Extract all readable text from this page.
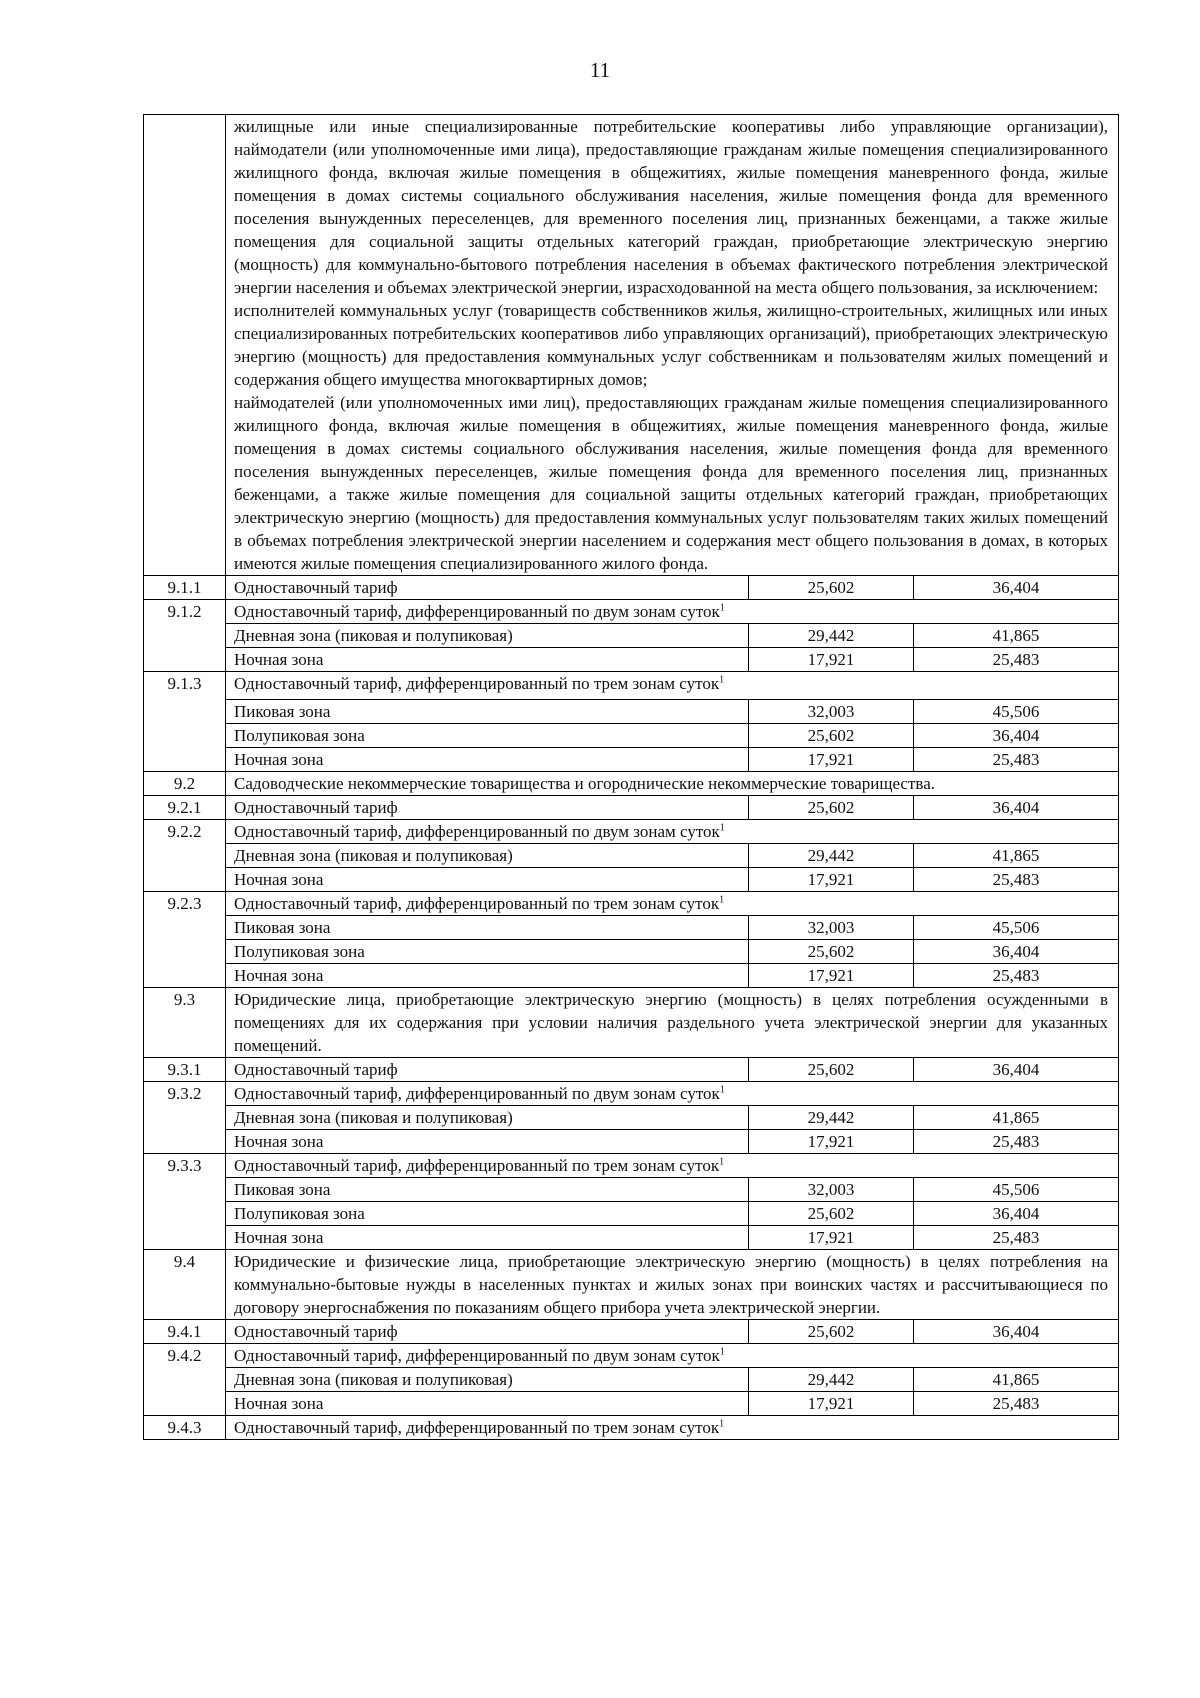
11

	жилищные или иные специализированные потребительские кооперативы либо управляющие организации), наймодатели (или уполномоченные ими лица), предоставляющие гражданам жилые помещения специализированного жилищного фонда, включая жилые помещения в общежитиях, жилые помещения маневренного фонда, жилые помещения в домах системы социального обслуживания населения, жилые помещения фонда для временного поселения вынужденных переселенцев, для временного поселения лиц, признанных беженцами, а также жилые помещения для социальной защиты отдельных категорий граждан, приобретающие электрическую энергию (мощность) для коммунально-бытового потребления населения в объемах фактического потребления электрической энергии населения и объемах электрической энергии, израсходованной на места общего пользования, за исключением:

исполнителей коммунальных услуг (товариществ собственников жилья, жилищно-строительных, жилищных или иных специализированных потребительских кооперативов либо управляющих организаций), приобретающих электрическую энергию (мощность) для предоставления коммунальных услуг собственникам и пользователям жилых помещений и содержания общего имущества многоквартирных домов;

наймодателей (или уполномоченных ими лиц), предоставляющих гражданам жилые помещения специализированного жилищного фонда, включая жилые помещения в общежитиях, жилые помещения маневренного фонда, жилые помещения в домах системы социального обслуживания населения, жилые помещения фонда для временного поселения вынужденных переселенцев, жилые помещения фонда для временного поселения лиц, признанных беженцами, а также жилые помещения для социальной защиты отдельных категорий граждан, приобретающих электрическую энергию (мощность) для предоставления коммунальных услуг пользователям таких жилых помещений в объемах потребления электрической энергии населением и содержания мест общего пользования в домах, в которых имеются жилые помещения специализированного жилого фонда.		

9.1.1	Одноставочный тариф	25,602	36,404
9.1.2	Одноставочный тариф, дифференцированный по двум зонам суток$^1$
	Дневная зона (пиковая и полупиковая)	29,442	41,865
	Ночная зона	17,921	25,483
9.1.3	Одноставочный тариф, дифференцированный по трем зонам суток$^1$
	Пиковая зона	32,003	45,506
	Полупиковая зона	25,602	36,404
	Ночная зона	17,921	25,483
9.2	Садоводческие некоммерческие товарищества и огороднические некоммерческие товарищества.		
9.2.1	Одноставочный тариф	25,602	36,404
9.2.2	Одноставочный тариф, дифференцированный по двум зонам суток$^1$
	Дневная зона (пиковая и полупиковая)	29,442	41,865
	Ночная зона	17,921	25,483
9.2.3	Одноставочный тариф, дифференцированный по трем зонам суток$^1$
	Пиковая зона	32,003	45,506
	Полупиковая зона	25,602	36,404
	Ночная зона	17,921	25,483
9.3	Юридические лица, приобретающие электрическую энергию (мощность) в целях потребления осужденными в помещениях для их содержания при условии наличия раздельного учета электрической энергии для указанных помещений.		
9.3.1	Одноставочный тариф	25,602	36,404
9.3.2	Одноставочный тариф, дифференцированный по двум зонам суток$^1$
	Дневная зона (пиковая и полупиковая)	29,442	41,865
	Ночная зона	17,921	25,483
9.3.3	Одноставочный тариф, дифференцированный по трем зонам суток$^1$
	Пиковая зона	32,003	45,506
	Полупиковая зона	25,602	36,404
	Ночная зона	17,921	25,483
9.4	Юридические и физические лица, приобретающие электрическую энергию (мощность) в целях потребления на коммунально-бытовые нужды в населенных пунктах и жилых зонах при воинских частях и рассчитывающиеся по договору энергоснабжения по показаниям общего прибора учета электрической энергии.		
9.4.1	Одноставочный тариф	25,602	36,404
9.4.2	Одноставочный тариф, дифференцированный по двум зонам суток$^1$
	Дневная зона (пиковая и полупиковая)	29,442	41,865
	Ночная зона	17,921	25,483
9.4.3	Одноставочный тариф, дифференцированный по трем зонам суток$^1$
